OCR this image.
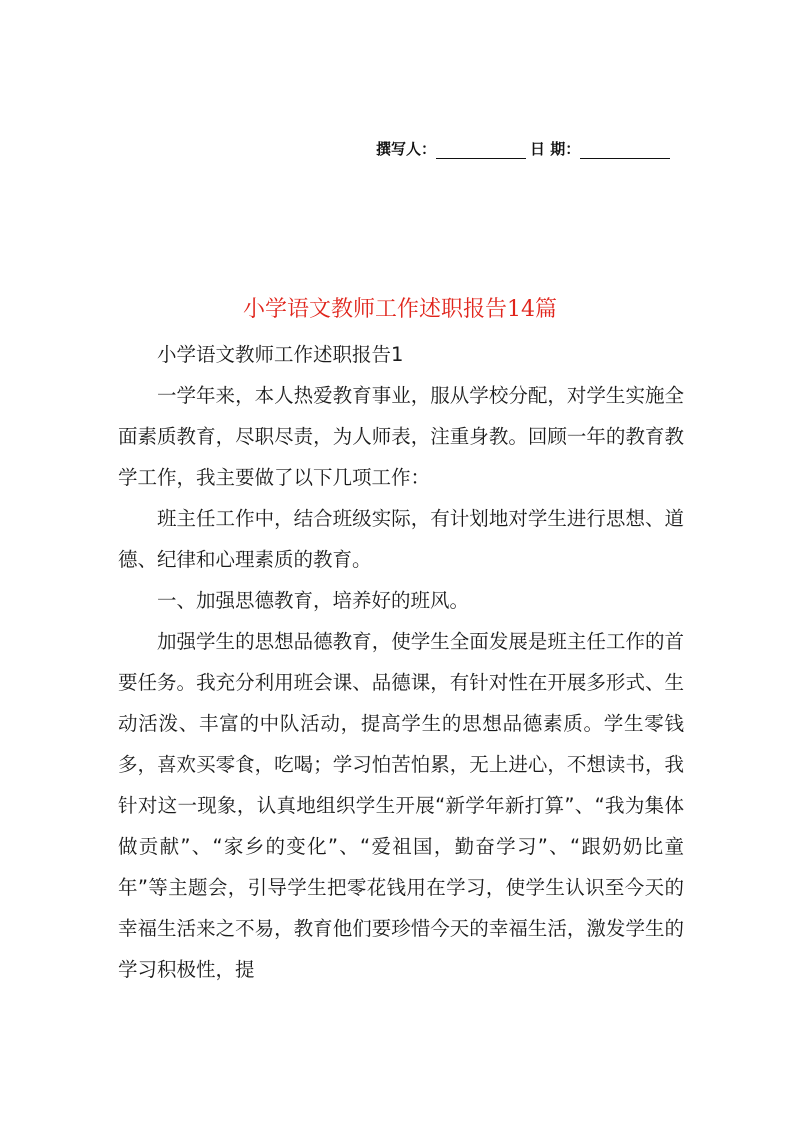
撰写人：	日 期：
小学语文教师工作述职报告14篇

小学语文教师工作述职报告1

一学年来，本人热爱教育事业，服从学校分配，对学生实施全面素质教育，尽职尽责，为人师表，注重身教。回顾一年的教育教学工作，我主要做了以下几项工作：

班主任工作中，结合班级实际，有计划地对学生进行思想、道德、纪律和心理素质的教育。

一、加强思德教育，培养好的班风。

加强学生的思想品德教育，使学生全面发展是班主任工作的首要任务。我充分利用班会课、品德课，有针对性在开展多形式、生动活泼、丰富的中队活动，提高学生的思想品德素质。学生零钱多，喜欢买零食，吃喝；学习怕苦怕累，无上进心，不想读书，我针对这一现象，认真地组织学生开展“新学年新打算”、“我为集体做贡献”、“家乡的变化”、“爱祖国，勤奋学习”、“跟奶奶比童年”等主题会，引导学生把零花钱用在学习，使学生认识至今天的幸福生活来之不易，教育他们要珍惜今天的幸福生活，激发学生的学习积极性，提
